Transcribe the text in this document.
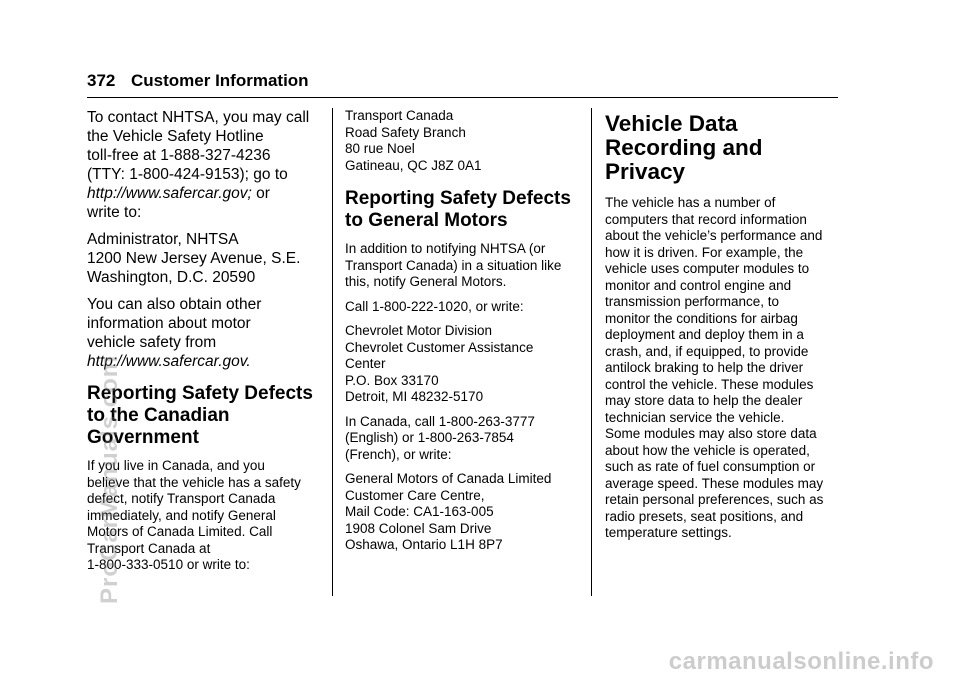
372 Customer Information

To contact NHTSA, you may call
the Vehicle Safety Hotline
toll-free at 1-888-327-4236
(TTY: 1-800-424-9153); go to
http://www.safercar.gov; or
write to:

Administrator, NHTSA
1200 New Jersey Avenue, S.E.
Washington, D.C. 20590

You can also obtain other
information about motor
vehicle safety from
http://www.safercar.gov.

Reporting Safety Defects
to the Canadian
Government

If you live in Canada, and you
believe that the vehicle has a safety
defect, notify Transport Canada
immediately, and notify General
Motors of Canada Limited. Call
Transport Canada at
1-800-333-0510 or write to:

Transport Canada
Road Safety Branch
80 rue Noel
Gatineau, QC J8Z 0A1

Reporting Safety Defects
to General Motors

In addition to notifying NHTSA (or
Transport Canada) in a situation like
this, notify General Motors.

Call 1-800-222-1020, or write:

Chevrolet Motor Division
Chevrolet Customer Assistance
Center
P.O. Box 33170
Detroit, MI 48232-5170

In Canada, call 1-800-263-3777
(English) or 1-800-263-7854
(French), or write:

General Motors of Canada Limited
Customer Care Centre,
Mail Code: CA1-163-005
1908 Colonel Sam Drive
Oshawa, Ontario L1H 8P7

Vehicle Data
Recording and
Privacy

The vehicle has a number of
computers that record information
about the vehicle’s performance and
how it is driven. For example, the
vehicle uses computer modules to
monitor and control engine and
transmission performance, to
monitor the conditions for airbag
deployment and deploy them in a
crash, and, if equipped, to provide
antilock braking to help the driver
control the vehicle. These modules
may store data to help the dealer
technician service the vehicle.
Some modules may also store data
about how the vehicle is operated,
such as rate of fuel consumption or
average speed. These modules may
retain personal preferences, such as
radio presets, seat positions, and
temperature settings.

ProCarManuals.com
carmanualsonline.info
